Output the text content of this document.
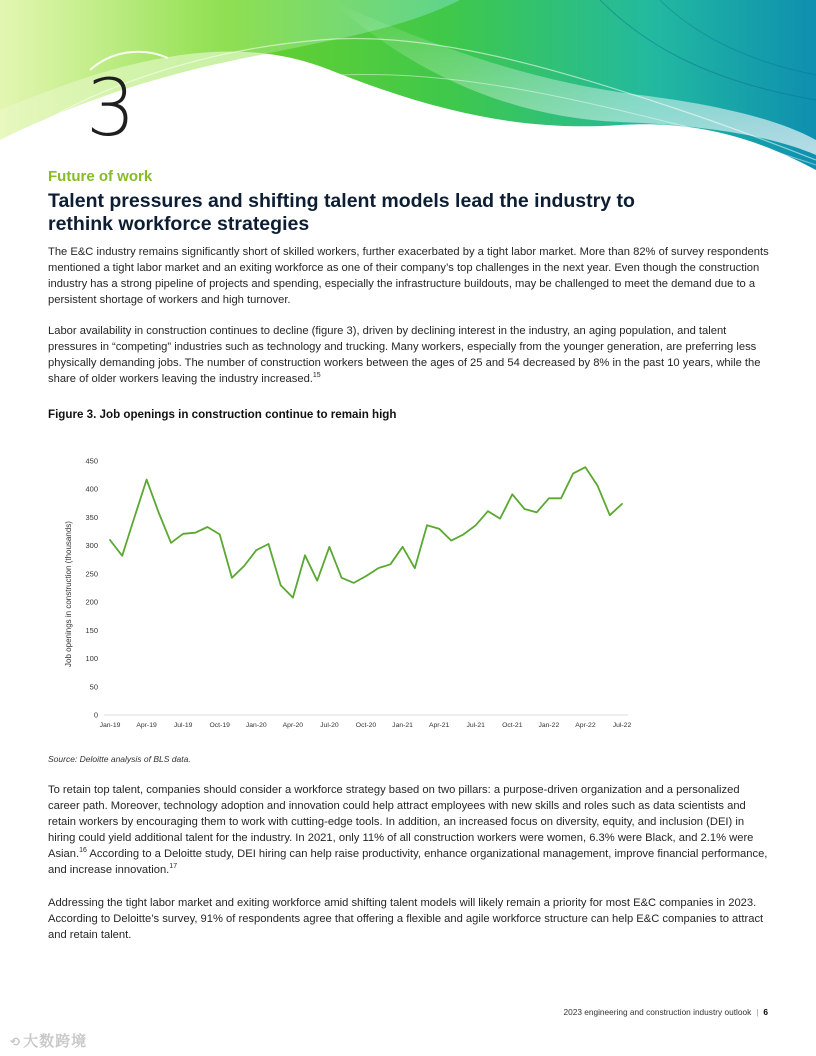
3
Future of work
Talent pressures and shifting talent models lead the industry to rethink workforce strategies

The E&C industry remains significantly short of skilled workers, further exacerbated by a tight labor market. More than 82% of survey respondents mentioned a tight labor market and an exiting workforce as one of their company’s top challenges in the next year. Even though the construction industry has a strong pipeline of projects and spending, especially the infrastructure buildouts, may be challenged to meet the demand due to a persistent shortage of workers and high turnover.

Labor availability in construction continues to decline (figure 3), driven by declining interest in the industry, an aging population, and talent pressures in “competing” industries such as technology and trucking. Many workers, especially from the younger generation, are preferring less physically demanding jobs. The number of construction workers between the ages of 25 and 54 decreased by 8% in the past 10 years, while the share of older workers leaving the industry increased.$^{15}$

Figure 3. Job openings in construction continue to remain high
Job openings in construction (thousands)
0
50
100
150
200
250
300
350
400
450
Jan-19 Apr-19	Jul-19	Oct-19 Jan-20 Apr-20	Jul-20	Oct-20 Jan-21 Apr-21	Jul-21	Oct-21 Jan-22 Apr-22	Jul-22
Source: Deloitte analysis of BLS data.

To retain top talent, companies should consider a workforce strategy based on two pillars: a purpose-driven organization and a personalized career path. Moreover, technology adoption and innovation could help attract employees with new skills and roles such as data scientists and retain workers by encouraging them to work with cutting-edge tools. In addition, an increased focus on diversity, equity, and inclusion (DEI) in hiring could yield additional talent for the industry. In 2021, only 11% of all construction workers were women, 6.3% were Black, and 2.1% were Asian.$^{16}$ According to a Deloitte study, DEI hiring can help raise productivity, enhance organizational management, improve financial performance, and increase innovation.$^{17}$

Addressing the tight labor market and exiting workforce amid shifting talent models will likely remain a priority for most E&C companies in 2023. According to Deloitte’s survey, 91% of respondents agree that offering a flexible and agile workforce structure can help E&C companies to attract and retain talent.

2023 engineering and construction industry outlook | 6
⟲ 大数跨境
